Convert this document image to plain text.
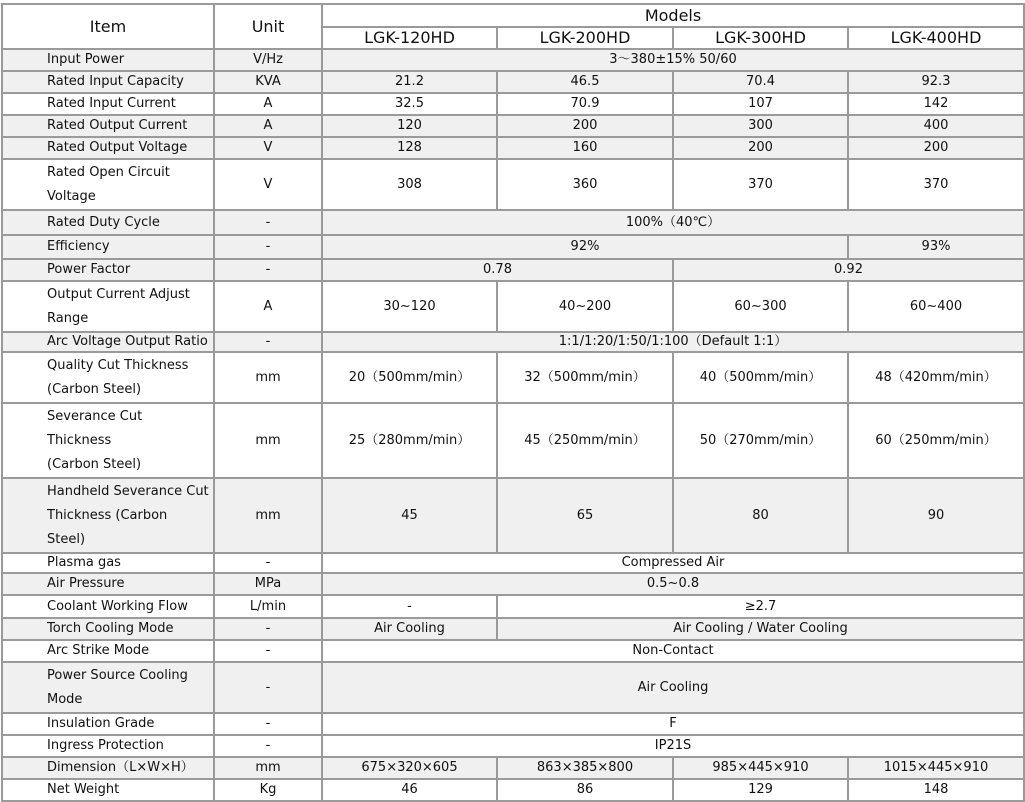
Item	Unit	Models			
		LGK-120HD	LGK-200HD	LGK-300HD	LGK-400HD
Input Power	V/Hz	3～380±15% 50/60			
Rated Input Capacity	KVA	21.2	46.5	70.4	92.3
Rated Input Current	A	32.5	70.9	107	142
Rated Output Current	A	120	200	300	400
Rated Output Voltage	V	128	160	200	200
Rated Open Circuit
Voltage	V	308	360	370	370
Rated Duty Cycle	-	100%（40℃）			
Efficiency	-	92%			93%
Power Factor	-	0.78		0.92	
Output Current Adjust
Range	A	30~120	40~200	60~300	60~400
Arc Voltage Output Ratio	-	1:1/1:20/1:50/1:100（Default 1:1）			
Quality Cut Thickness
(Carbon Steel)	mm	20（500mm/min）	32（500mm/min）	40（500mm/min）	48（420mm/min）
Severance Cut Thickness
(Carbon Steel)	mm	25（280mm/min）	45（250mm/min）	50（270mm/min）	60（250mm/min）
Handheld Severance Cut
Thickness (Carbon Steel)	mm	45	65	80	90
Plasma gas	-	Compressed Air			
Air Pressure	MPa	0.5~0.8			
Coolant Working Flow	L/min	-	≥2.7		
Torch Cooling Mode	-	Air Cooling	Air Cooling / Water Cooling		
Arc Strike Mode	-	Non-Contact			
Power Source Cooling
Mode	-	Air Cooling			
Insulation Grade	-	F			
Ingress Protection	-	IP21S			
Dimension（L×W×H）	mm	675×320×605	863×385×800	985×445×910	1015×445×910
Net Weight	Kg	46	86	129	148
